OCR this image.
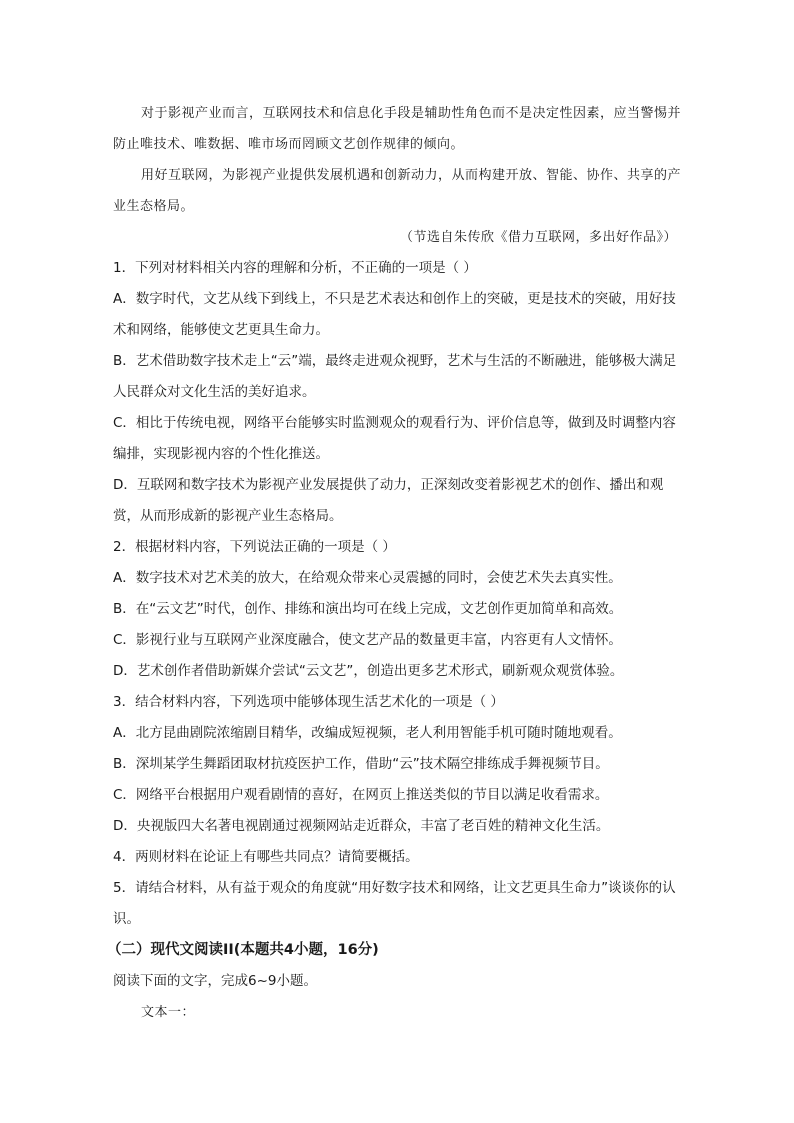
对于影视产业而言，互联网技术和信息化手段是辅助性角色而不是决定性因素，应当警惕并防止唯技术、唯数据、唯市场而罔顾文艺创作规律的倾向。

用好互联网，为影视产业提供发展机遇和创新动力，从而构建开放、智能、协作、共享的产业生态格局。

（节选自朱传欣《借力互联网，多出好作品》）

1．下列对材料相关内容的理解和分析，不正确的一项是（ ）

A．数字时代，文艺从线下到线上，不只是艺术表达和创作上的突破，更是技术的突破，用好技术和网络，能够使文艺更具生命力。

B．艺术借助数字技术走上“云”端，最终走进观众视野，艺术与生活的不断融进，能够极大满足人民群众对文化生活的美好追求。

C．相比于传统电视，网络平台能够实时监测观众的观看行为、评价信息等，做到及时调整内容编排，实现影视内容的个性化推送。

D．互联网和数字技术为影视产业发展提供了动力，正深刻改变着影视艺术的创作、播出和观赏，从而形成新的影视产业生态格局。

2．根据材料内容，下列说法正确的一项是（ ）

A．数字技术对艺术美的放大，在给观众带来心灵震撼的同时，会使艺术失去真实性。

B．在“云文艺”时代，创作、排练和演出均可在线上完成，文艺创作更加简单和高效。

C．影视行业与互联网产业深度融合，使文艺产品的数量更丰富，内容更有人文情怀。

D．艺术创作者借助新媒介尝试“云文艺”，创造出更多艺术形式，刷新观众观赏体验。

3．结合材料内容，下列选项中能够体现生活艺术化的一项是（ ）

A．北方昆曲剧院浓缩剧目精华，改编成短视频，老人利用智能手机可随时随地观看。

B．深圳某学生舞蹈团取材抗疫医护工作，借助“云”技术隔空排练成手舞视频节目。

C．网络平台根据用户观看剧情的喜好，在网页上推送类似的节目以满足收看需求。

D．央视版四大名著电视剧通过视频网站走近群众，丰富了老百姓的精神文化生活。

4．两则材料在论证上有哪些共同点？请简要概括。

5．请结合材料，从有益于观众的角度就“用好数字技术和网络，让文艺更具生命力”谈谈你的认识。

（二）现代文阅读II(本题共4小题，16分)

阅读下面的文字，完成6~9小题。

文本一：
